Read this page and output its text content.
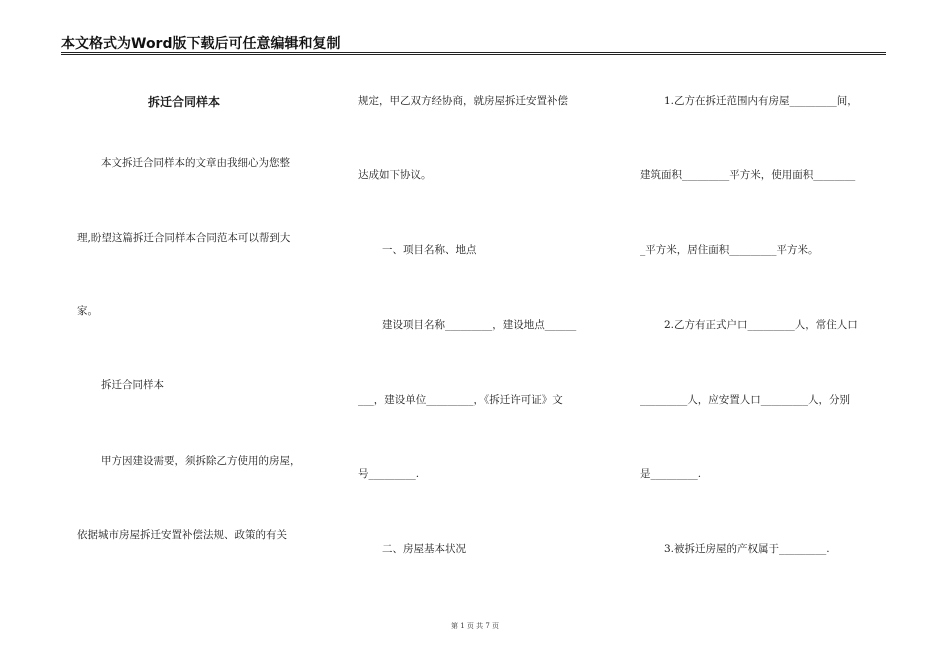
本文格式为Word版下载后可任意编辑和复制
拆迁合同样本
本文拆迁合同样本的文章由我细心为您整
理,盼望这篇拆迁合同样本合同范本可以帮到大
家。
拆迁合同样本
甲方因建设需要，须拆除乙方使用的房屋，
依据城市房屋拆迁安置补偿法规、政策的有关
规定，甲乙双方经协商，就房屋拆迁安置补偿
达成如下协议。
一、项目名称、地点
建设项目名称_________，建设地点______
___，建设单位_________，《拆迁许可证》文
号_________.
二、房屋基本状况
1.乙方在拆迁范围内有房屋_________间，
建筑面积_________平方米，使用面积________
_平方米，居住面积_________平方米。
2.乙方有正式户口_________人，常住人口
_________人，应安置人口_________人，分别
是_________.
3.被拆迁房屋的产权属于_________.
第 1 页 共 7 页
